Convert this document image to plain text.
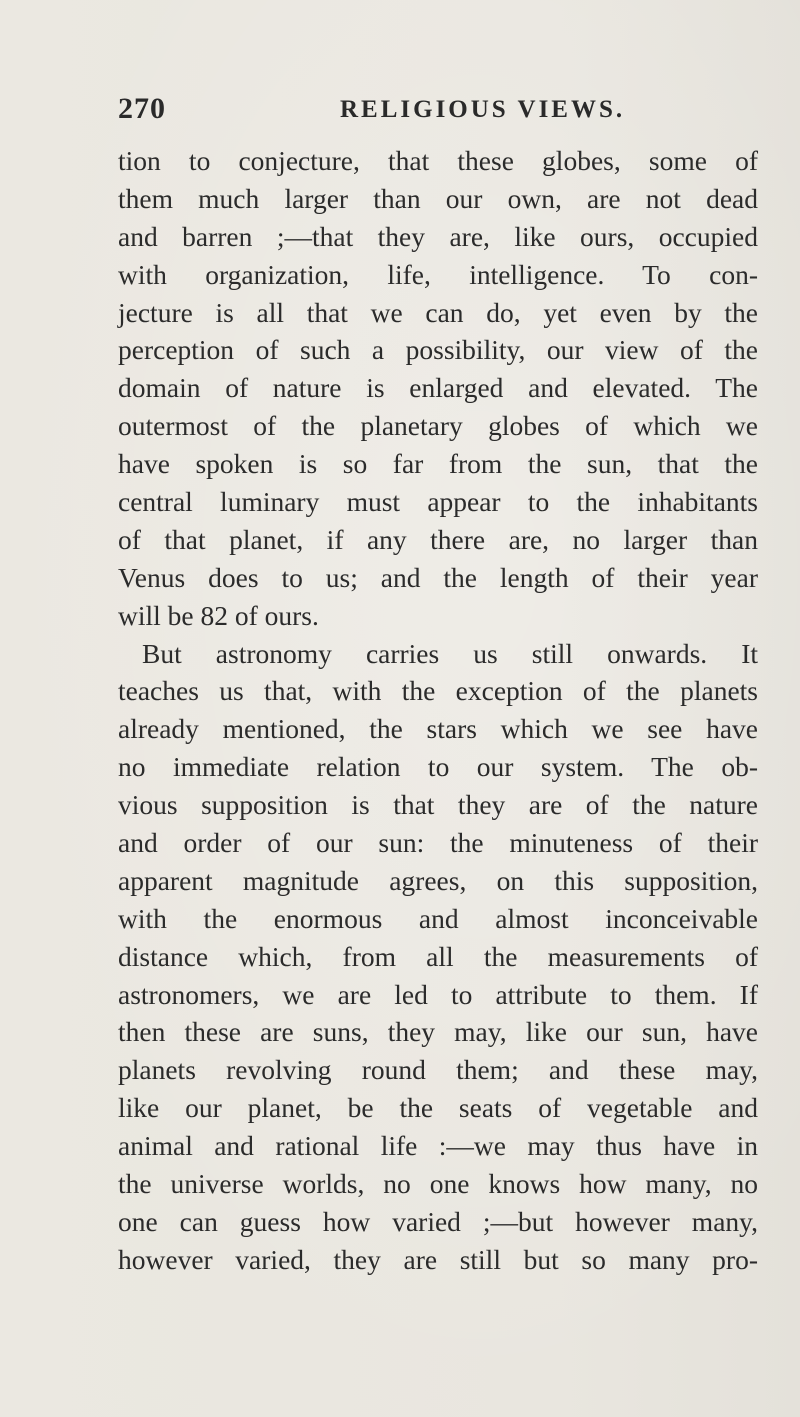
270	RELIGIOUS VIEWS.
tion to conjecture, that these globes, some of
them much larger than our own, are not dead
and barren ;—that they are, like ours, occupied
with organization, life, intelligence. To con-
jecture is all that we can do, yet even by the
perception of such a possibility, our view of the
domain of nature is enlarged and elevated. The
outermost of the planetary globes of which we
have spoken is so far from the sun, that the
central luminary must appear to the inhabitants
of that planet, if any there are, no larger than
Venus does to us; and the length of their year
will be 82 of ours.
But astronomy carries us still onwards. It
teaches us that, with the exception of the planets
already mentioned, the stars which we see have
no immediate relation to our system. The ob-
vious supposition is that they are of the nature
and order of our sun: the minuteness of their
apparent magnitude agrees, on this supposition,
with the enormous and almost inconceivable
distance which, from all the measurements of
astronomers, we are led to attribute to them. If
then these are suns, they may, like our sun, have
planets revolving round them; and these may,
like our planet, be the seats of vegetable and
animal and rational life :—we may thus have in
the universe worlds, no one knows how many, no
one can guess how varied ;—but however many,
however varied, they are still but so many pro-
